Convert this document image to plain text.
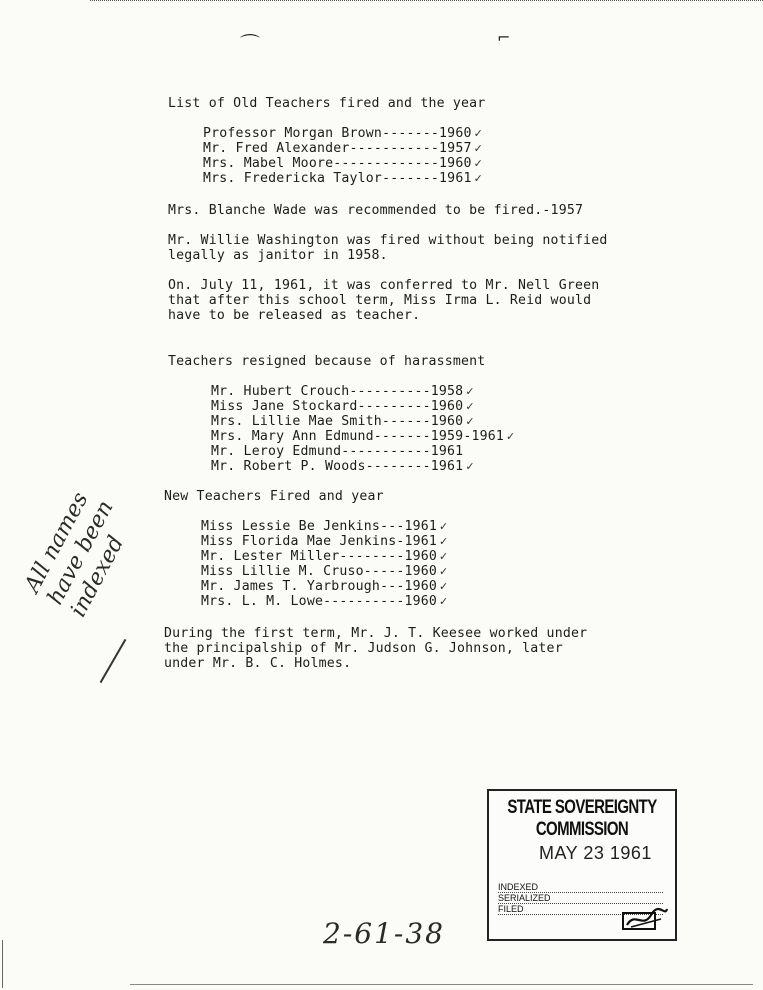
⌒	⌐
List of Old Teachers fired and the year
Professor Morgan Brown-------1960 ✓
Mr. Fred Alexander-----------1957 ✓
Mrs. Mabel Moore-------------1960 ✓
Mrs. Fredericka Taylor-------1961 ✓
Mrs. Blanche Wade was recommended to be fired.-1957
Mr. Willie Washington was fired without being notified
legally as janitor in 1958.
On. July 11, 1961, it was conferred to Mr. Nell Green
that after this school term, Miss Irma L. Reid would
have to be released as teacher.
Teachers resigned because of harassment
Mr. Hubert Crouch----------1958 ✓
Miss Jane Stockard---------1960 ✓
Mrs. Lillie Mae Smith------1960 ✓
Mrs. Mary Ann Edmund-------1959-1961 ✓
Mr. Leroy Edmund-----------1961
Mr. Robert P. Woods--------1961 ✓
New Teachers Fired and year
Miss Lessie Be Jenkins---1961 ✓
Miss Florida Mae Jenkins-1961 ✓
Mr. Lester Miller--------1960 ✓
Miss Lillie M. Cruso-----1960 ✓
Mr. James T. Yarbrough---1960 ✓
Mrs. L. M. Lowe----------1960 ✓
During the first term, Mr. J. T. Keesee worked under
the principalship of Mr. Judson G. Johnson, later
under Mr. B. C. Holmes.
All names
have been
indexed
STATE SOVEREIGNTY COMMISSION
MAY 23 1961
INDEXED
SERIALIZED
FILED
2-61-38
